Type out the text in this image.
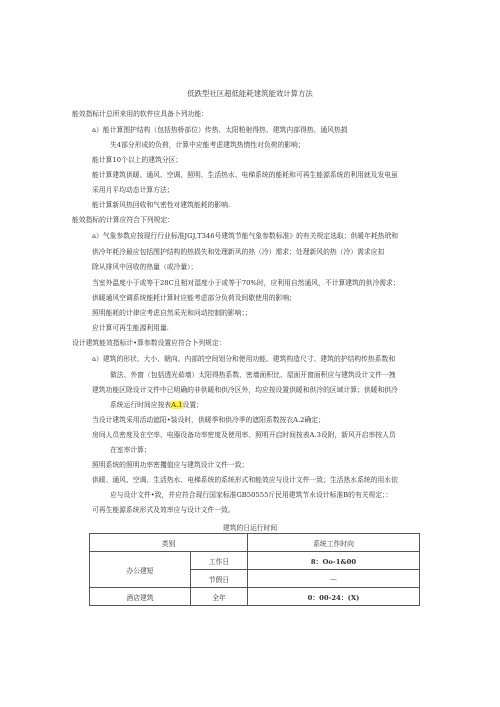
低跌型社区超低能耗建筑能效计算方法
能效指标计总所来用的软件应具备卜列功能：
a）能计算围护结构（包括热桥部位）传热、太阳粕射得热、建筑内部得热、通风热损
失4部分形成的负荷，计算中应能考虑建筑热惰性对负荷的影响；
能计算10个以上的建筑分区；
能计算建筑供暖、通风、空调、照明、生活热水、电梯系统的能耗和可再生能源系统的利用就及发电虽
采用月平均动态计算方法；
能计算新风热回收和气密性对建筑能耗的影响.
能效指标的计算应符合下列规定：
a）气象参数应按现行行业标准JGJ,T346号建筑节能气象参数标准》的有关规定选取；供暖年耗热玳和
供冷年耗冷最应包括围护结构的热损失和处理新风的热（冷）需求；处理新风的热（冷）需求应扣
除从排风中回收的热量（或冷量）；
当室外温度小于或等于28C且相对湿度小于或等于70%时，应利用自然通风，不计算建筑的供冷需求；
供暖通风空调系统能耗计算时应能考虑部分负荷及间歇使用的影响；
照明能耗的计律应考虑自然采光和问动控制的影响；；
应计算可再生能源利用量.
设计建筑能效指标计•算参数设置应符合卜列规定：
a）建筑的形状、大小、朝向、内部的空间划分和使用功能、建筑构造尺寸、建筑的护结构传热系数和
做法、外窗（包括透光茹墙）太阳得热系数、密墙面积比、屋面开窗面积应与建筑设计文件一拽
建筑功能区除设计文件中已明确的非供暖和供冷区外，均应按设置供暖和供冷的区域计算；供暖和供冷
系统运行时间应按表A.1设置；
当设计建筑采用活动遮阳•装设时，供暖季和供冷季的遮阳系数按衣A.2确定；
房间人员密度及在空率、电器设备功率密度及使用率、照明开启时间按表A.3设附，新风开启率按人员
在室率计算；
照明系统的照明功率密攫值应与建筑设计文件一致；
供暖、通风、空调、生活热水、电梯系统的系统形式和能效应与设计文件一致；生活热水系统的用水依
应与设计文件•致，并应符合现行国家标准GB50555斤民用建筑节水设计标准B的有关规定；：
可再生能源系统形式及效率应与设计文件一致。
建筑的日运行时间
类别		系统工作时向
办公建短	工作日	8：Oo-1&00
	节假日	—
酒店建筑	全年	0：00-24：(X)
